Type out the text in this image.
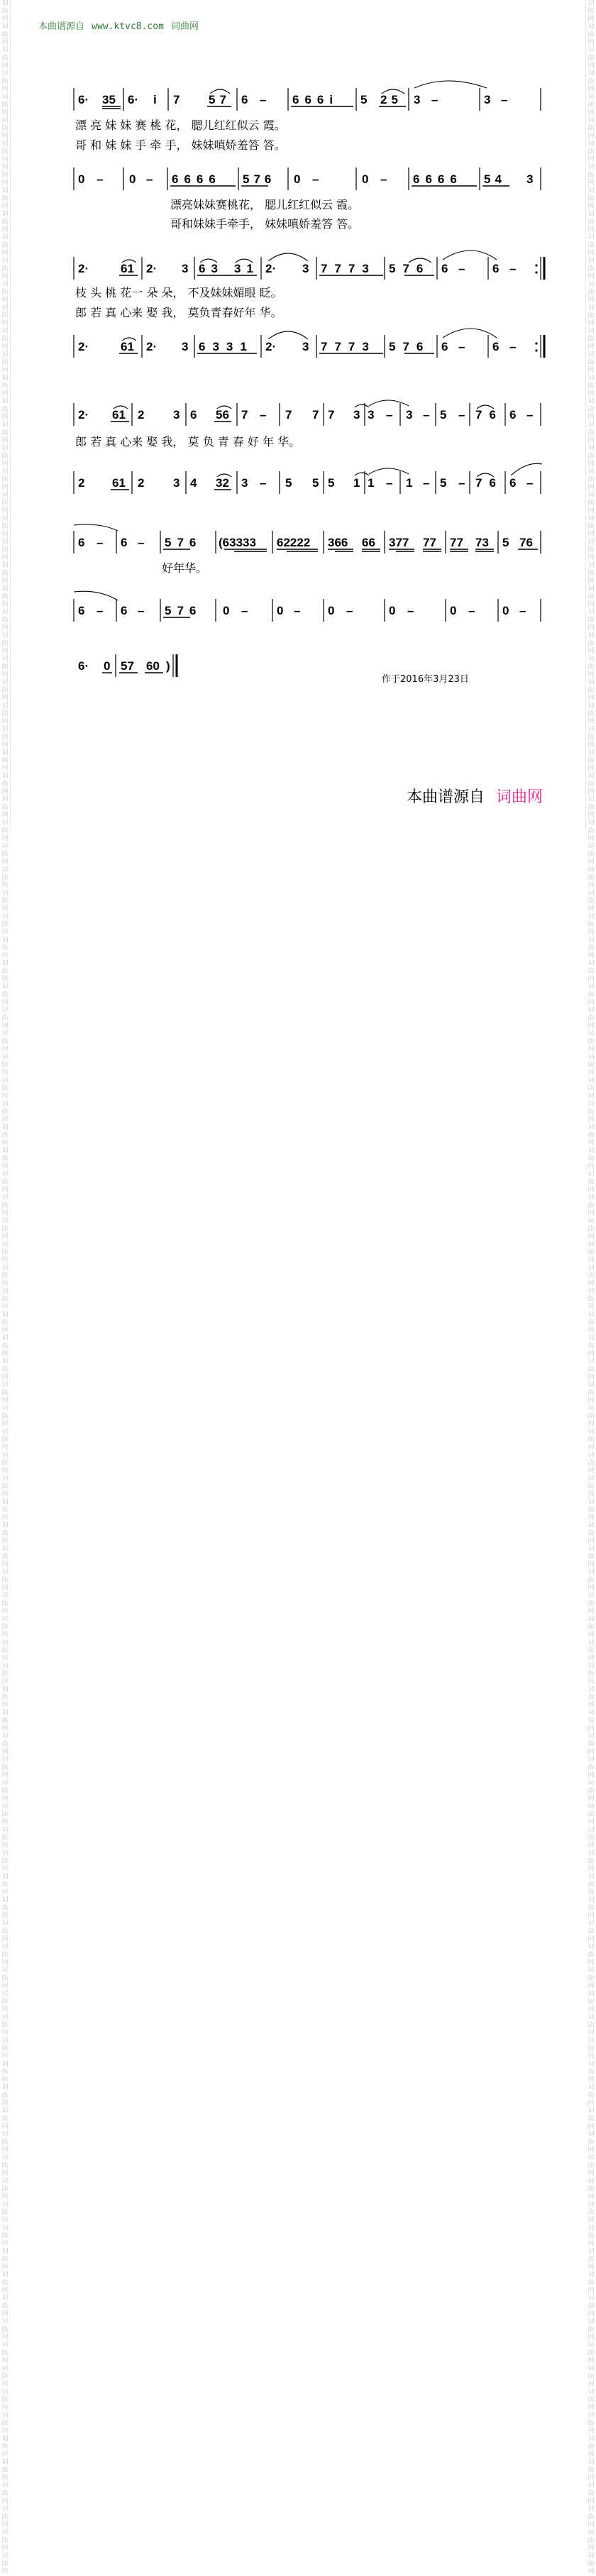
词曲网词曲网词曲网词曲网词曲网词曲网词曲网词曲网词曲网词曲网词曲网词曲网词曲网词曲网词曲网词曲网词曲网词曲网词曲网词曲网词曲网词曲网词曲网词曲网词曲网词曲网词曲网词曲网词曲网词曲网词曲网词曲网词曲网词曲网词曲网词曲网词曲网词曲网词曲网词曲网词曲网词曲网词曲网词曲网词曲网词曲网词曲网词曲网词曲网词曲网词曲网词曲网词曲网词曲网词曲网词曲网词曲网词曲网词曲网词曲网词曲网词曲网词曲网词曲网词曲网词曲网词曲网词曲网词曲网词曲网词曲网词曲网词曲网词曲网词曲网词曲网词曲网词曲网词曲网词曲网词曲网词曲网词曲网词曲网词曲网词曲网词曲网词曲网词曲网词曲网词曲网词曲网词曲网词曲网词曲网词曲网词曲网词曲网词曲网词曲网词曲网词曲网词曲网词曲网词曲网词曲网词曲网词曲网词曲网词曲网
词曲网词曲网词曲网词曲网词曲网词曲网词曲网词曲网词曲网词曲网词曲网词曲网词曲网词曲网词曲网词曲网词曲网词曲网词曲网词曲网词曲网词曲网词曲网词曲网词曲网词曲网词曲网词曲网词曲网词曲网词曲网词曲网词曲网词曲网词曲网词曲网词曲网词曲网词曲网词曲网词曲网词曲网词曲网词曲网词曲网词曲网词曲网词曲网词曲网词曲网词曲网词曲网词曲网词曲网词曲网词曲网词曲网词曲网词曲网词曲网词曲网词曲网词曲网词曲网词曲网词曲网词曲网词曲网词曲网词曲网词曲网词曲网词曲网词曲网词曲网词曲网词曲网词曲网词曲网词曲网词曲网词曲网词曲网词曲网词曲网词曲网词曲网词曲网词曲网词曲网词曲网词曲网词曲网词曲网词曲网词曲网词曲网词曲网词曲网词曲网词曲网词曲网词曲网词曲网词曲网词曲网词曲网词曲网词曲网词曲网
本曲谱源自 www.ktvc8.com 词曲网
6· 35 6· i 7 57 6 – 666i 5 25 3 –	3 –
漂 亮 妹 妹 赛 桃 花， 腮儿红红似云 霞。
哥 和 妹 妹 手 牵 手， 妹妹嗔娇羞答 答。
0 – 0 – 6666 576 0 –	0 – 6666 54 3
漂亮妹妹赛桃花， 腮儿红红似云 霞。
哥和妹妹手牵手， 妹妹嗔娇羞答 答。
2·	61 2· 3 63 31 2· 3 7773 576 6 – 6 –
枝 头 桃 花一 朵 朵， 不及妹妹媚眼 眨。
郎 若 真 心来 娶 我， 莫负青春好年 华。
2·	61 2· 3 6331 2· 3 7773 576 6 – 6 –
2· 61 2 3 6 56 7 – 7 7 7 3 3 – 3 – 5 – 76 6 –
郎 若 真 心来 娶 我， 莫 负 青 春 好 年 华。
2 61 2 3 4 32 3 – 5 5 5 1 1 – 1 – 5 – 76 6 –
6 – 6 – 576 (63333 62222 366 66 377 77 77 73 5 76
好年华。
6 – 6 – 576 0 – 0 – 0 –	0 –	0 – 0 –
6· 0 57 60 )
作于2016年3月23日
本曲谱源自 词曲网
